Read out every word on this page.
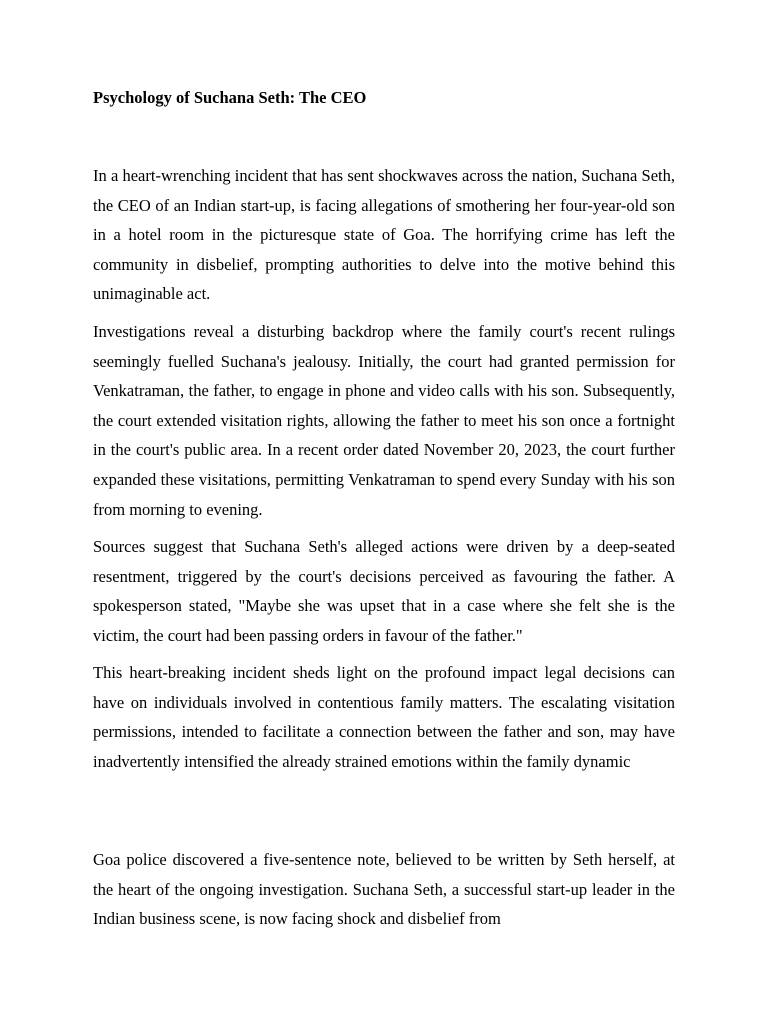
Psychology of Suchana Seth: The CEO

In a heart-wrenching incident that has sent shockwaves across the nation, Suchana Seth, the CEO of an Indian start-up, is facing allegations of smothering her four-year-old son in a hotel room in the picturesque state of Goa. The horrifying crime has left the community in disbelief, prompting authorities to delve into the motive behind this unimaginable act.

Investigations reveal a disturbing backdrop where the family court's recent rulings seemingly fuelled Suchana's jealousy. Initially, the court had granted permission for Venkatraman, the father, to engage in phone and video calls with his son. Subsequently, the court extended visitation rights, allowing the father to meet his son once a fortnight in the court's public area. In a recent order dated November 20, 2023, the court further expanded these visitations, permitting Venkatraman to spend every Sunday with his son from morning to evening.

Sources suggest that Suchana Seth's alleged actions were driven by a deep-seated resentment, triggered by the court's decisions perceived as favouring the father. A spokesperson stated, "Maybe she was upset that in a case where she felt she is the victim, the court had been passing orders in favour of the father."

This heart-breaking incident sheds light on the profound impact legal decisions can have on individuals involved in contentious family matters. The escalating visitation permissions, intended to facilitate a connection between the father and son, may have inadvertently intensified the already strained emotions within the family dynamic

Goa police discovered a five-sentence note, believed to be written by Seth herself, at the heart of the ongoing investigation. Suchana Seth, a successful start-up leader in the Indian business scene, is now facing shock and disbelief from
